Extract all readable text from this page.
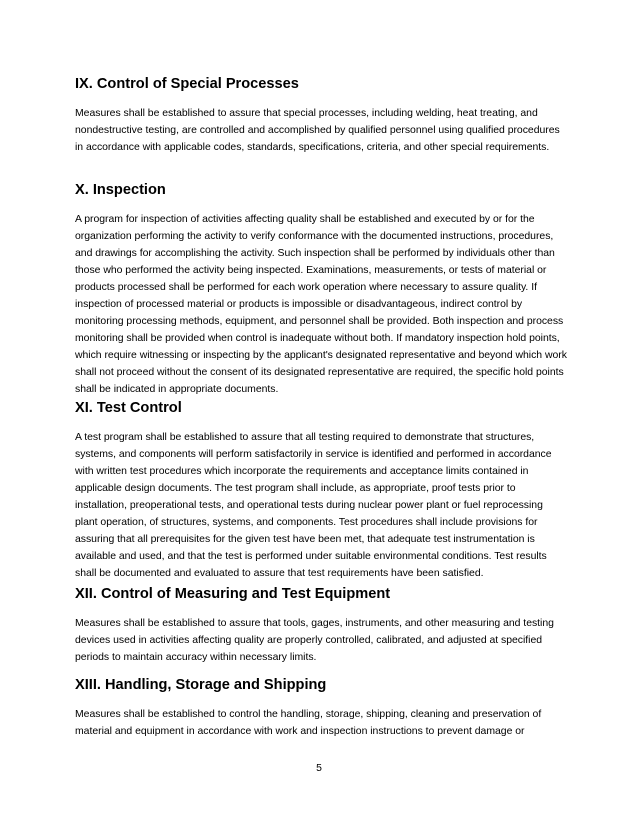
IX. Control of Special Processes

Measures shall be established to assure that special processes, including welding, heat treating, and nondestructive testing, are controlled and accomplished by qualified personnel using qualified procedures in accordance with applicable codes, standards, specifications, criteria, and other special requirements.

X. Inspection

A program for inspection of activities affecting quality shall be established and executed by or for the organization performing the activity to verify conformance with the documented instructions, procedures, and drawings for accomplishing the activity. Such inspection shall be performed by individuals other than those who performed the activity being inspected. Examinations, measurements, or tests of material or products processed shall be performed for each work operation where necessary to assure quality. If inspection of processed material or products is impossible or disadvantageous, indirect control by monitoring processing methods, equipment, and personnel shall be provided. Both inspection and process monitoring shall be provided when control is inadequate without both. If mandatory inspection hold points, which require witnessing or inspecting by the applicant's designated representative and beyond which work shall not proceed without the consent of its designated representative are required, the specific hold points shall be indicated in appropriate documents.

XI. Test Control

A test program shall be established to assure that all testing required to demonstrate that structures, systems, and components will perform satisfactorily in service is identified and performed in accordance with written test procedures which incorporate the requirements and acceptance limits contained in applicable design documents. The test program shall include, as appropriate, proof tests prior to installation, preoperational tests, and operational tests during nuclear power plant or fuel reprocessing plant operation, of structures, systems, and components. Test procedures shall include provisions for assuring that all prerequisites for the given test have been met, that adequate test instrumentation is available and used, and that the test is performed under suitable environmental conditions. Test results shall be documented and evaluated to assure that test requirements have been satisfied.

XII. Control of Measuring and Test Equipment

Measures shall be established to assure that tools, gages, instruments, and other measuring and testing devices used in activities affecting quality are properly controlled, calibrated, and adjusted at specified periods to maintain accuracy within necessary limits.

XIII. Handling, Storage and Shipping

Measures shall be established to control the handling, storage, shipping, cleaning and preservation of material and equipment in accordance with work and inspection instructions to prevent damage or

5
